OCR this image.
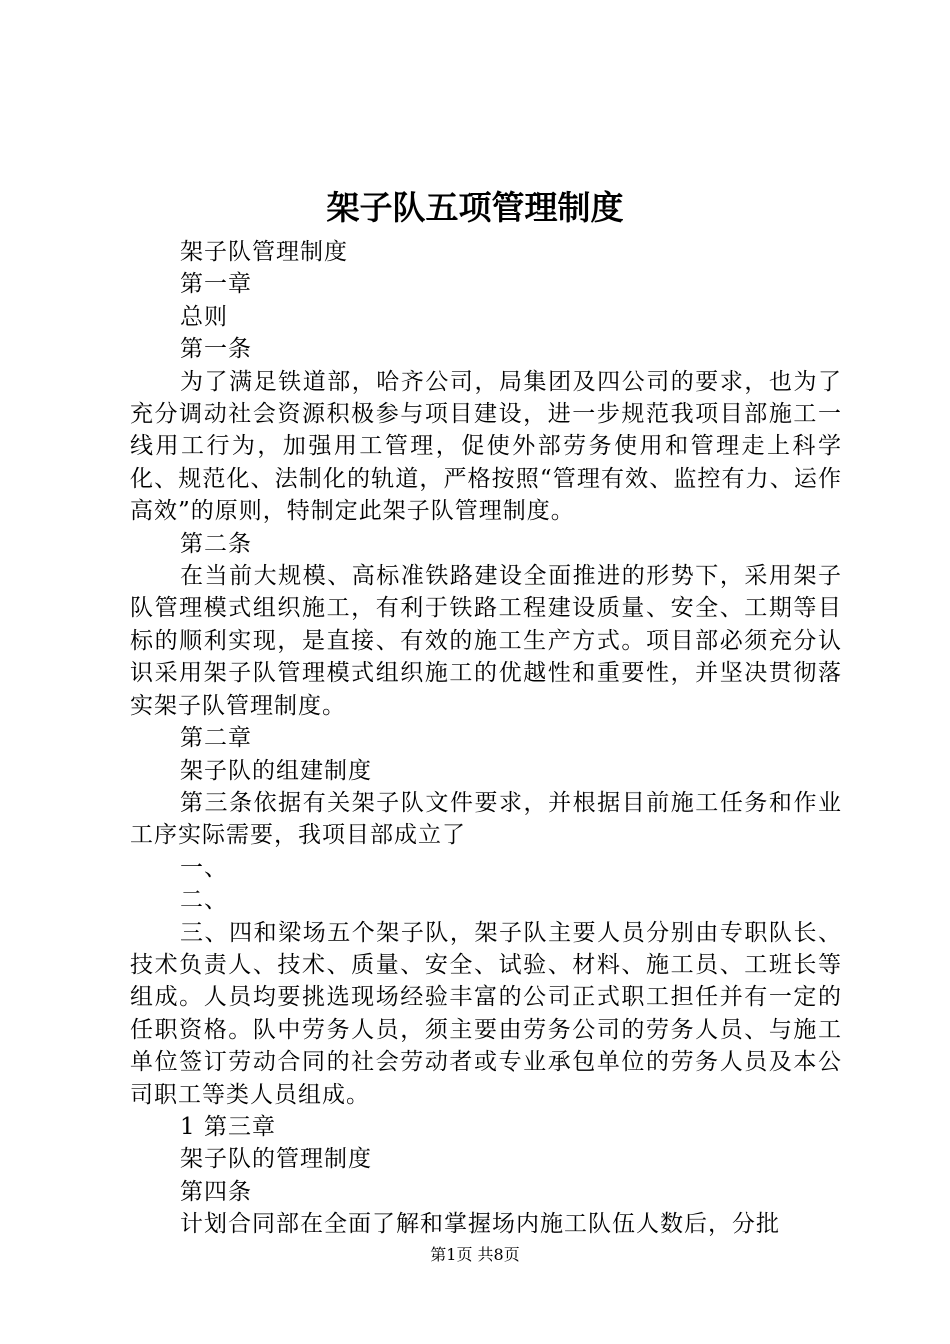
架子队五项管理制度

架子队管理制度

第一章

总则

第一条

为了满足铁道部，哈齐公司，局集团及四公司的要求，也为了充分调动社会资源积极参与项目建设，进一步规范我项目部施工一线用工行为，加强用工管理，促使外部劳务使用和管理走上科学化、规范化、法制化的轨道，严格按照“管理有效、监控有力、运作高效”的原则，特制定此架子队管理制度。

第二条

在当前大规模、高标准铁路建设全面推进的形势下，采用架子队管理模式组织施工，有利于铁路工程建设质量、安全、工期等目标的顺利实现，是直接、有效的施工生产方式。项目部必须充分认识采用架子队管理模式组织施工的优越性和重要性，并坚决贯彻落实架子队管理制度。

第二章

架子队的组建制度

第三条依据有关架子队文件要求，并根据目前施工任务和作业工序实际需要，我项目部成立了

一、

二、

三、四和梁场五个架子队，架子队主要人员分别由专职队长、技术负责人、技术、质量、安全、试验、材料、施工员、工班长等组成。人员均要挑选现场经验丰富的公司正式职工担任并有一定的任职资格。队中劳务人员，须主要由劳务公司的劳务人员、与施工单位签订劳动合同的社会劳动者或专业承包单位的劳务人员及本公司职工等类人员组成。

1 第三章

架子队的管理制度

第四条

计划合同部在全面了解和掌握场内施工队伍人数后，分批

第1页 共8页
